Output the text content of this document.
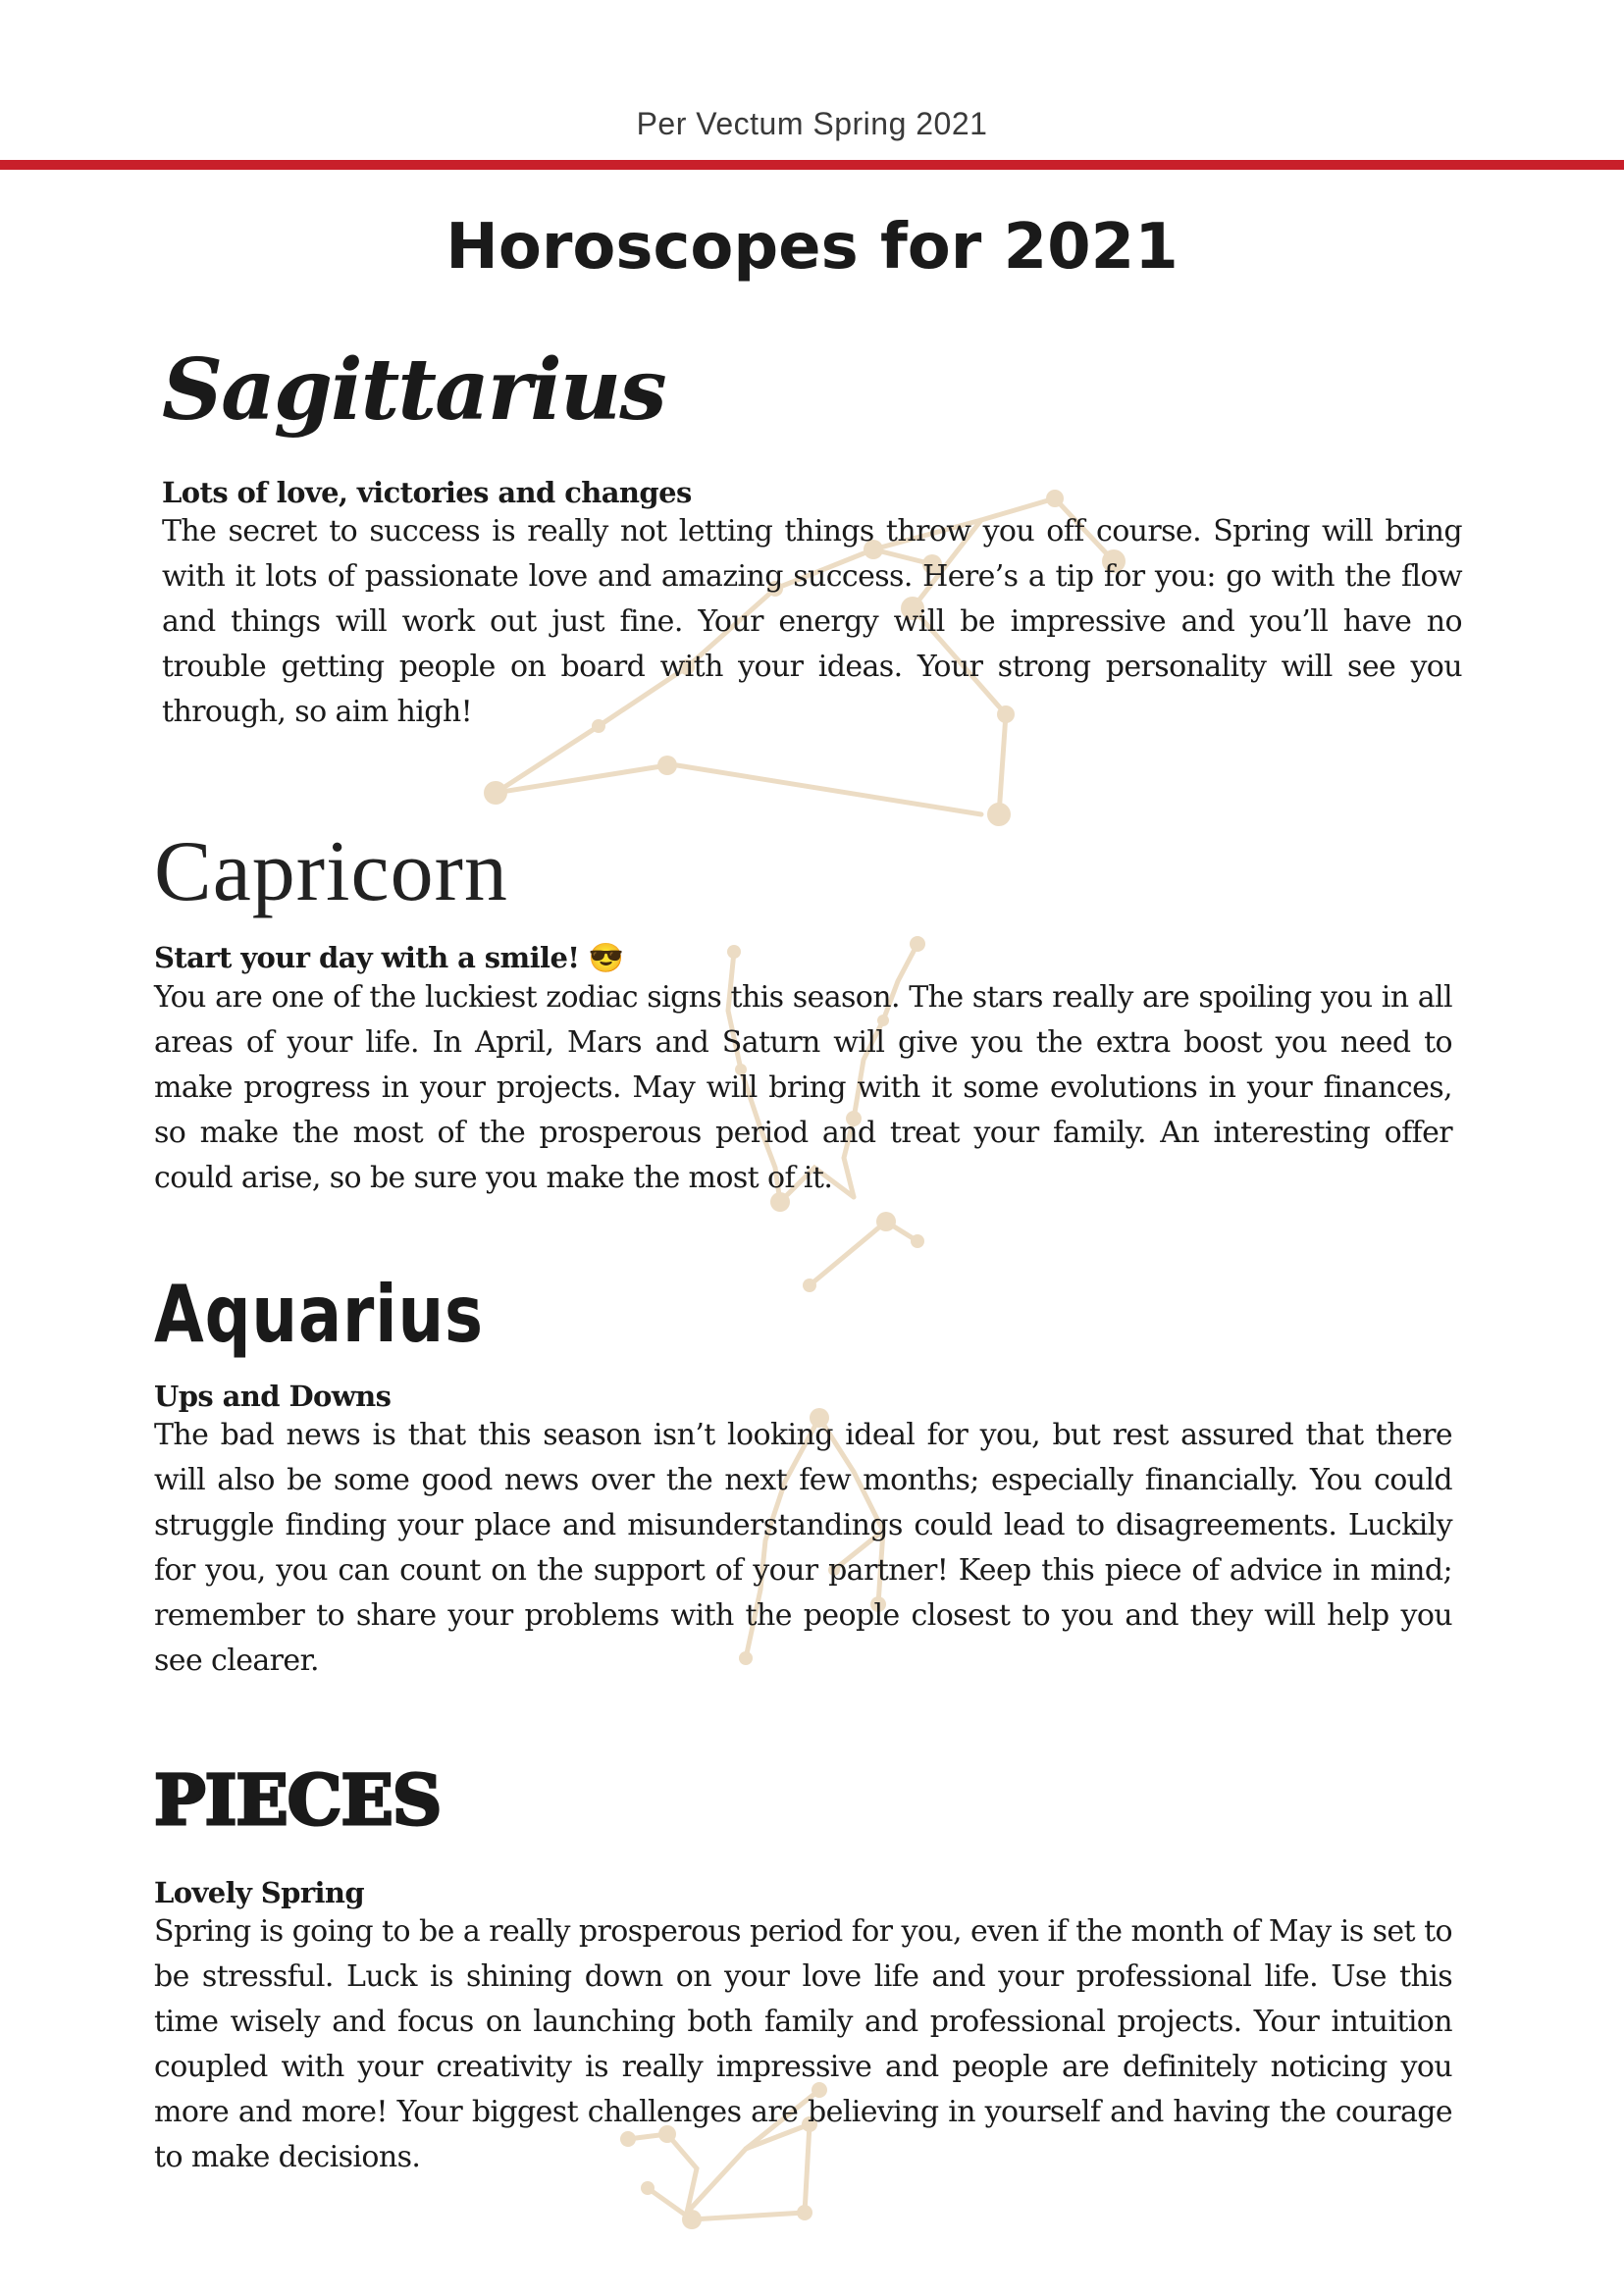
Per Vectum Spring 2021
Horoscopes for 2021
Sagittarius

Lots of love, victories and changes

The secret to success is really not letting things throw you off course. Spring will bring with it lots of passionate love and amazing success. Here’s a tip for you: go with the flow and things will work out just fine. Your energy will be impressive and you’ll have no trouble getting people on board with your ideas. Your strong personality will see you through, so aim high!

Capricorn

Start your day with a smile! 😎

You are one of the luckiest zodiac signs this season. The stars really are spoiling you in all areas of your life. In April, Mars and Saturn will give you the extra boost you need to make progress in your projects. May will bring with it some evolutions in your finances, so make the most of the prosperous period and treat your family. An interesting offer could arise, so be sure you make the most of it.

Aquarius

Ups and Downs

The bad news is that this season isn’t looking ideal for you, but rest assured that there will also be some good news over the next few months; especially financially. You could struggle finding your place and misunderstandings could lead to disagreements. Luckily for you, you can count on the support of your partner! Keep this piece of advice in mind; remember to share your problems with the people closest to you and they will help you see clearer.

PIECES

Lovely Spring

Spring is going to be a really prosperous period for you, even if the month of May is set to be stressful. Luck is shining down on your love life and your professional life. Use this time wisely and focus on launching both family and professional projects. Your intuition coupled with your creativity is really impressive and people are definitely noticing you more and more! Your biggest challenges are believing in yourself and having the courage to make decisions.
